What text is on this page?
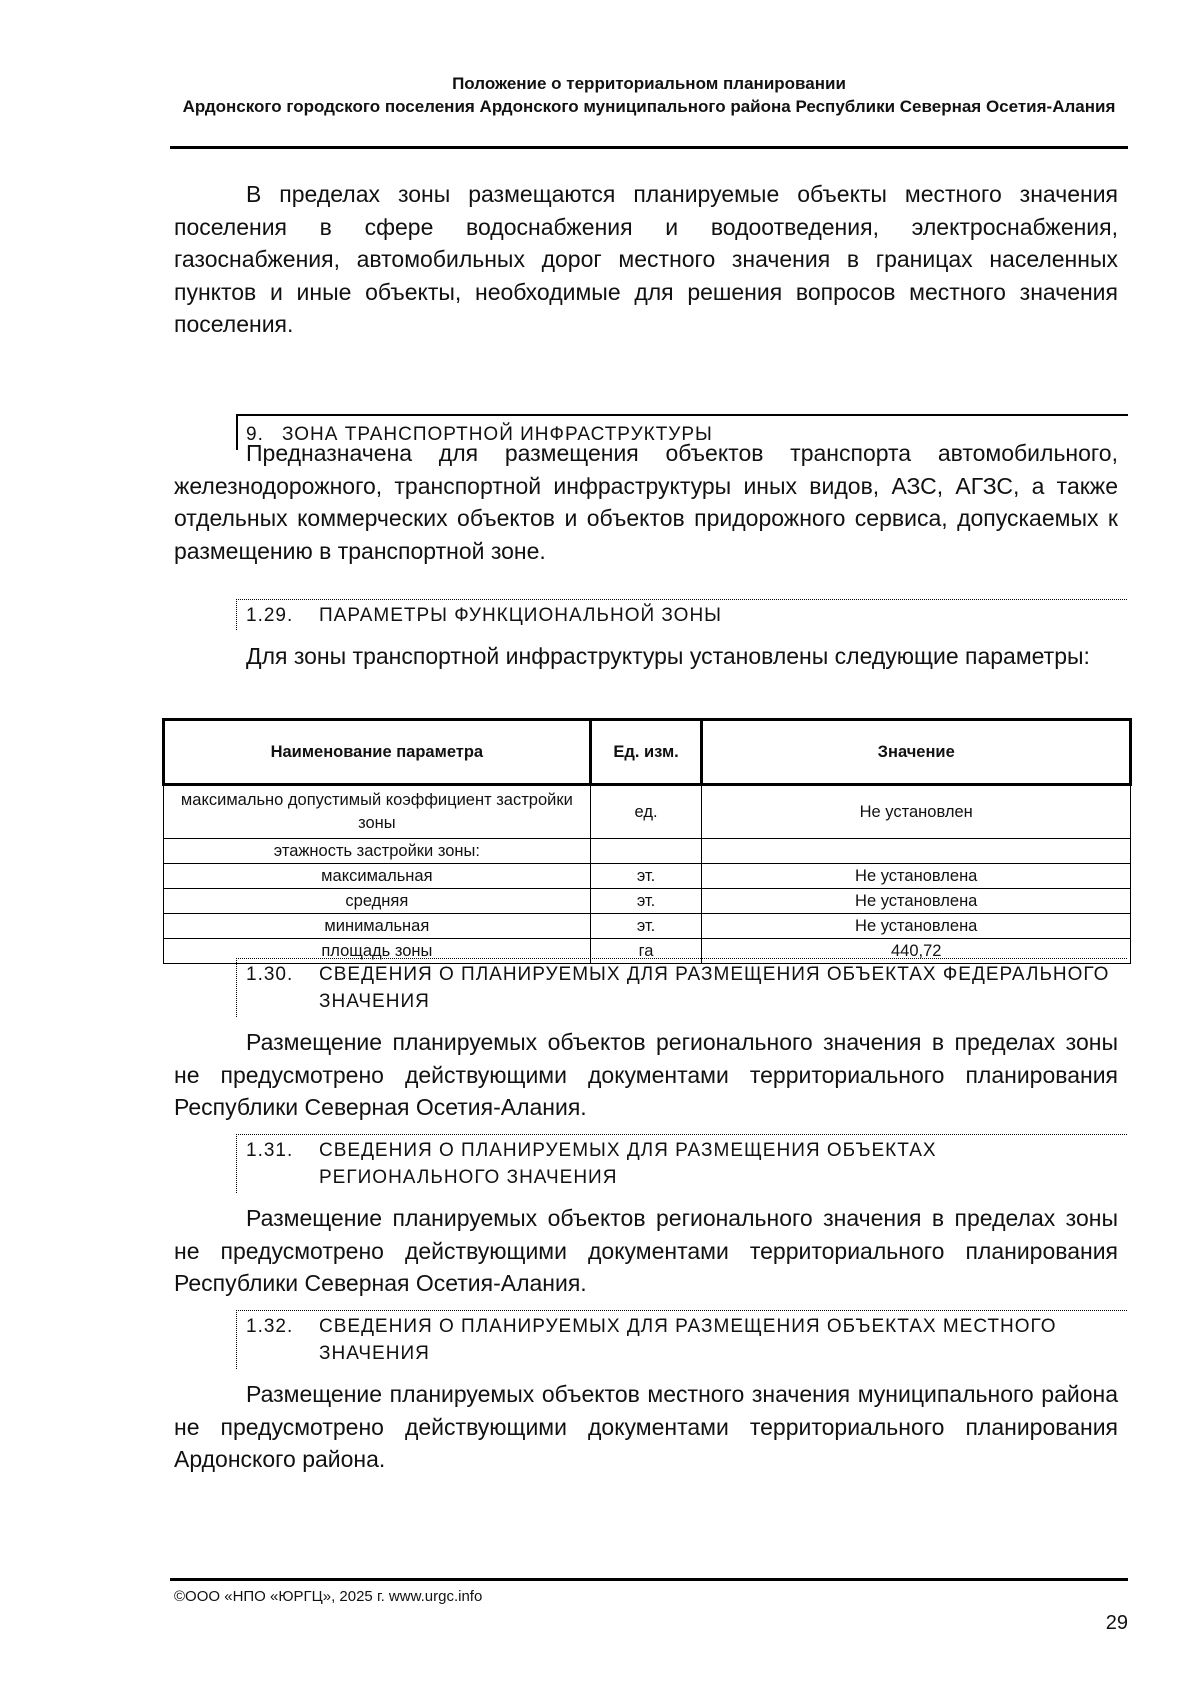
Положение о территориальном планировании
Ардонского городского поселения Ардонского муниципального района Республики Северная Осетия-Алания

В пределах зоны размещаются планируемые объекты местного значения поселения в сфере водоснабжения и водоотведения, электроснабжения, газоснабжения, автомобильных дорог местного значения в границах населенных пунктов и иные объекты, необходимые для решения вопросов местного значения поселения.

9. ЗОНА ТРАНСПОРТНОЙ ИНФРАСТРУКТУРЫ

Предназначена для размещения объектов транспорта автомобильного, железнодорожного, транспортной инфраструктуры иных видов, АЗС, АГЗС, а также отдельных коммерческих объектов и объектов придорожного сервиса, допускаемых к размещению в транспортной зоне.

1.29.	ПАРАМЕТРЫ ФУНКЦИОНАЛЬНОЙ ЗОНЫ

Для зоны транспортной инфраструктуры установлены следующие параметры:

Наименование параметра	Ед. изм.	Значение
максимально допустимый коэффициент застройки зоны	ед.	Не установлен
этажность застройки зоны:		
максимальная	эт.	Не установлена
средняя	эт.	Не установлена
минимальная	эт.	Не установлена
площадь зоны	га	440,72
1.30.	СВЕДЕНИЯ О ПЛАНИРУЕМЫХ ДЛЯ РАЗМЕЩЕНИЯ ОБЪЕКТАХ ФЕДЕРАЛЬНОГО ЗНАЧЕНИЯ

Размещение планируемых объектов регионального значения в пределах зоны не предусмотрено действующими документами территориального планирования Республики Северная Осетия-Алания.

1.31.	СВЕДЕНИЯ О ПЛАНИРУЕМЫХ ДЛЯ РАЗМЕЩЕНИЯ ОБЪЕКТАХ РЕГИОНАЛЬНОГО ЗНАЧЕНИЯ

Размещение планируемых объектов регионального значения в пределах зоны не предусмотрено действующими документами территориального планирования Республики Северная Осетия-Алания.

1.32.	СВЕДЕНИЯ О ПЛАНИРУЕМЫХ ДЛЯ РАЗМЕЩЕНИЯ ОБЪЕКТАХ МЕСТНОГО ЗНАЧЕНИЯ

Размещение планируемых объектов местного значения муниципального района не предусмотрено действующими документами территориального планирования Ардонского района.

©ООО «НПО «ЮРГЦ», 2025 г. www.urgc.info
29
